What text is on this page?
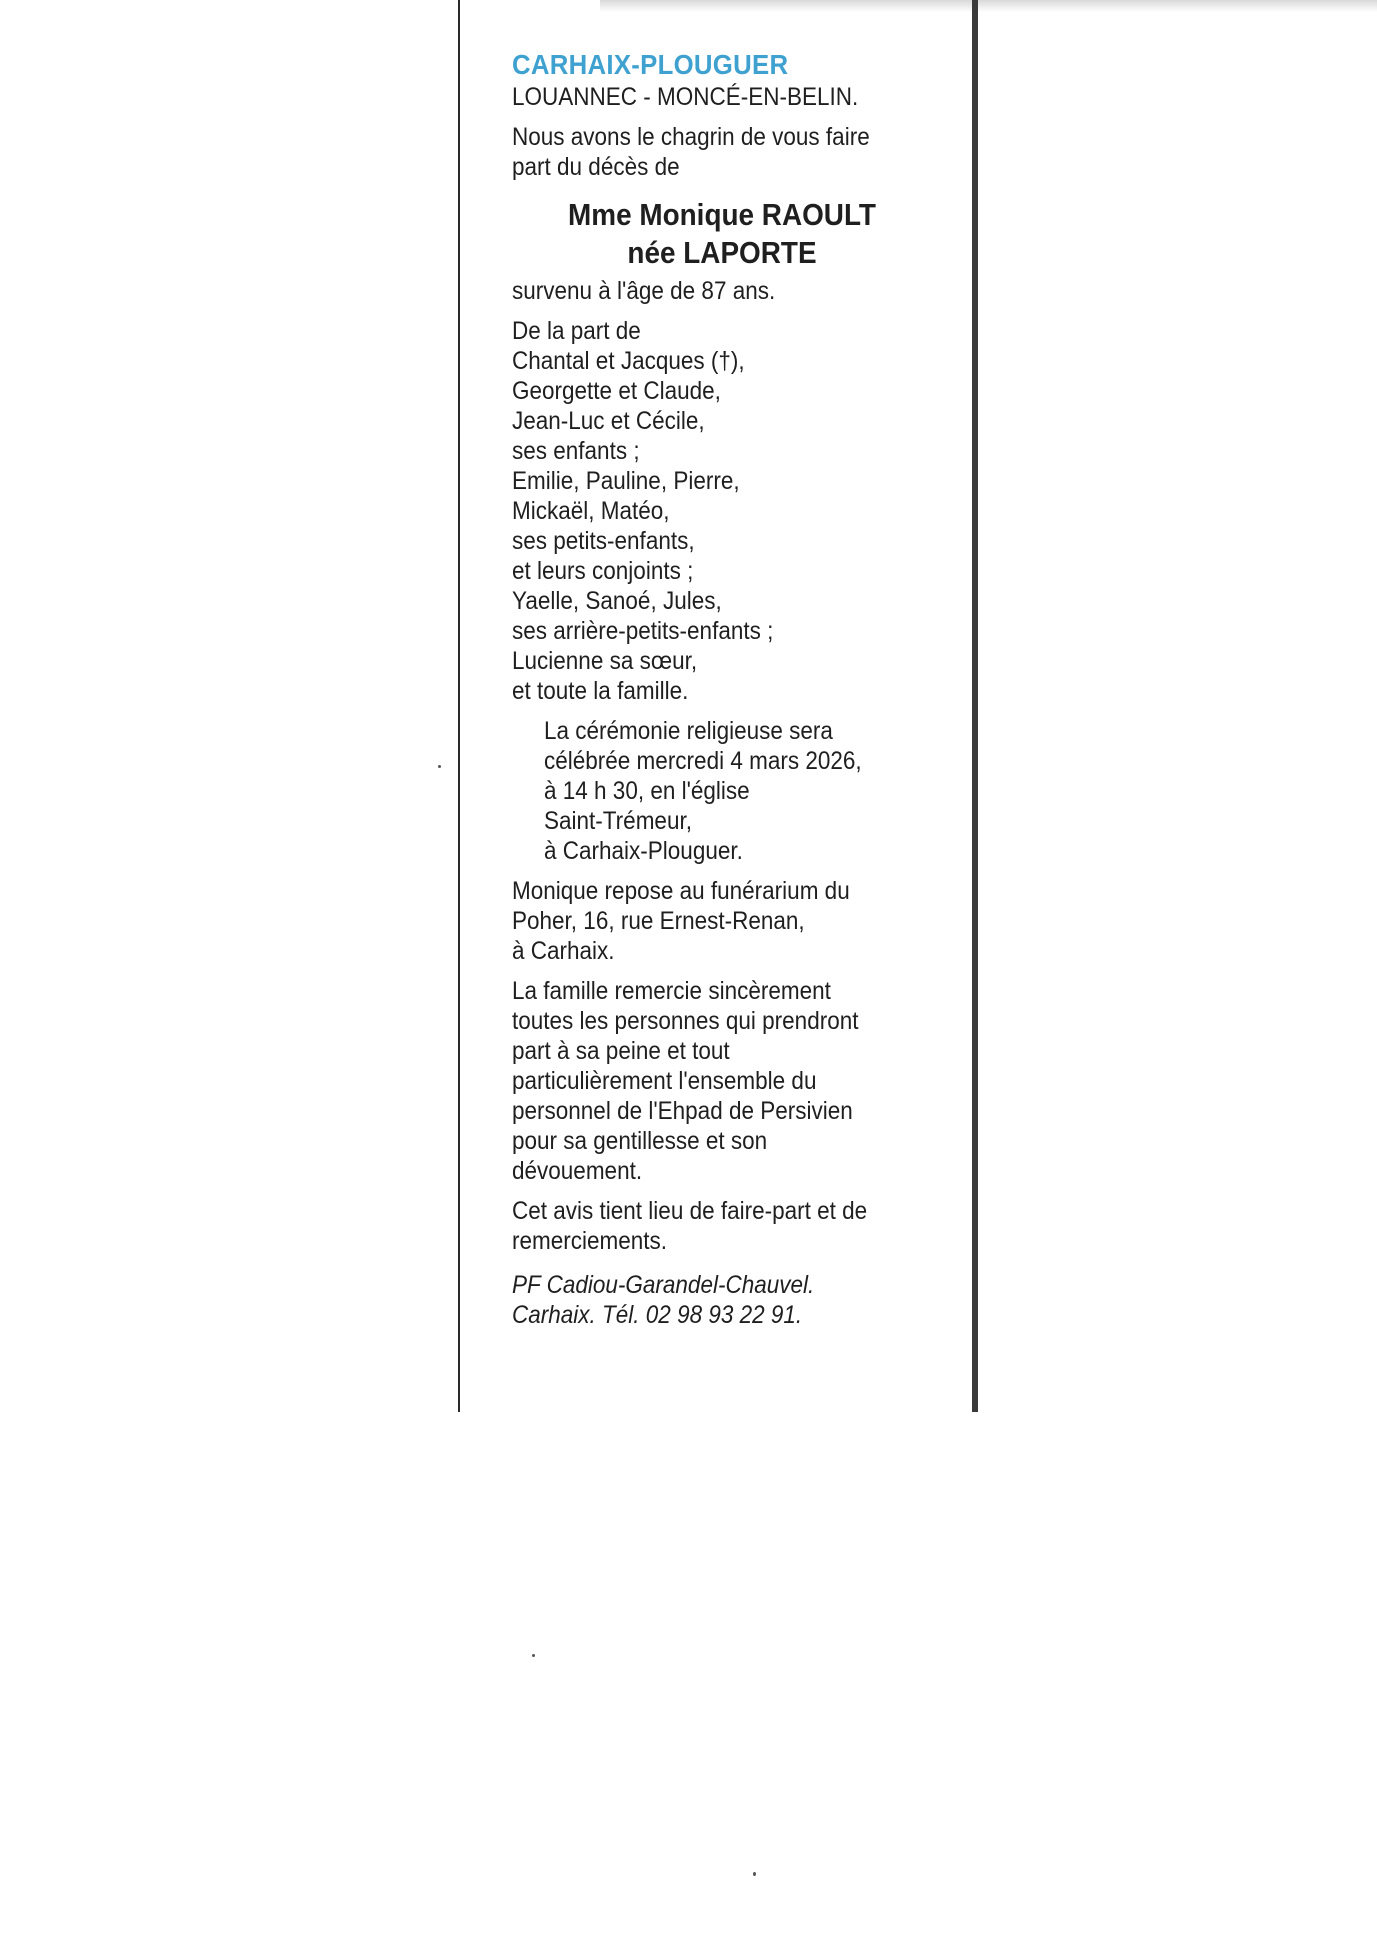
CARHAIX-PLOUGUER

LOUANNEC - MONCÉ-EN-BELIN.

Nous avons le chagrin de vous faire

part du décès de

Mme Monique RAOULT
née LAPORTE

survenu à l'âge de 87 ans.

De la part de

Chantal et Jacques (†),

Georgette et Claude,

Jean-Luc et Cécile,

ses enfants ;

Emilie, Pauline, Pierre,

Mickaël, Matéo,

ses petits-enfants,

et leurs conjoints ;

Yaelle, Sanoé, Jules,

ses arrière-petits-enfants ;

Lucienne sa sœur,

et toute la famille.

La cérémonie religieuse sera

célébrée mercredi 4 mars 2026,

à 14 h 30, en l'église

Saint-Trémeur,

à Carhaix-Plouguer.

Monique repose au funérarium du

Poher, 16, rue Ernest-Renan,

à Carhaix.

La famille remercie sincèrement

toutes les personnes qui prendront

part à sa peine et tout

particulièrement l'ensemble du

personnel de l'Ehpad de Persivien

pour sa gentillesse et son

dévouement.

Cet avis tient lieu de faire-part et de

remerciements.

PF Cadiou-Garandel-Chauvel.

Carhaix. Tél. 02 98 93 22 91.
